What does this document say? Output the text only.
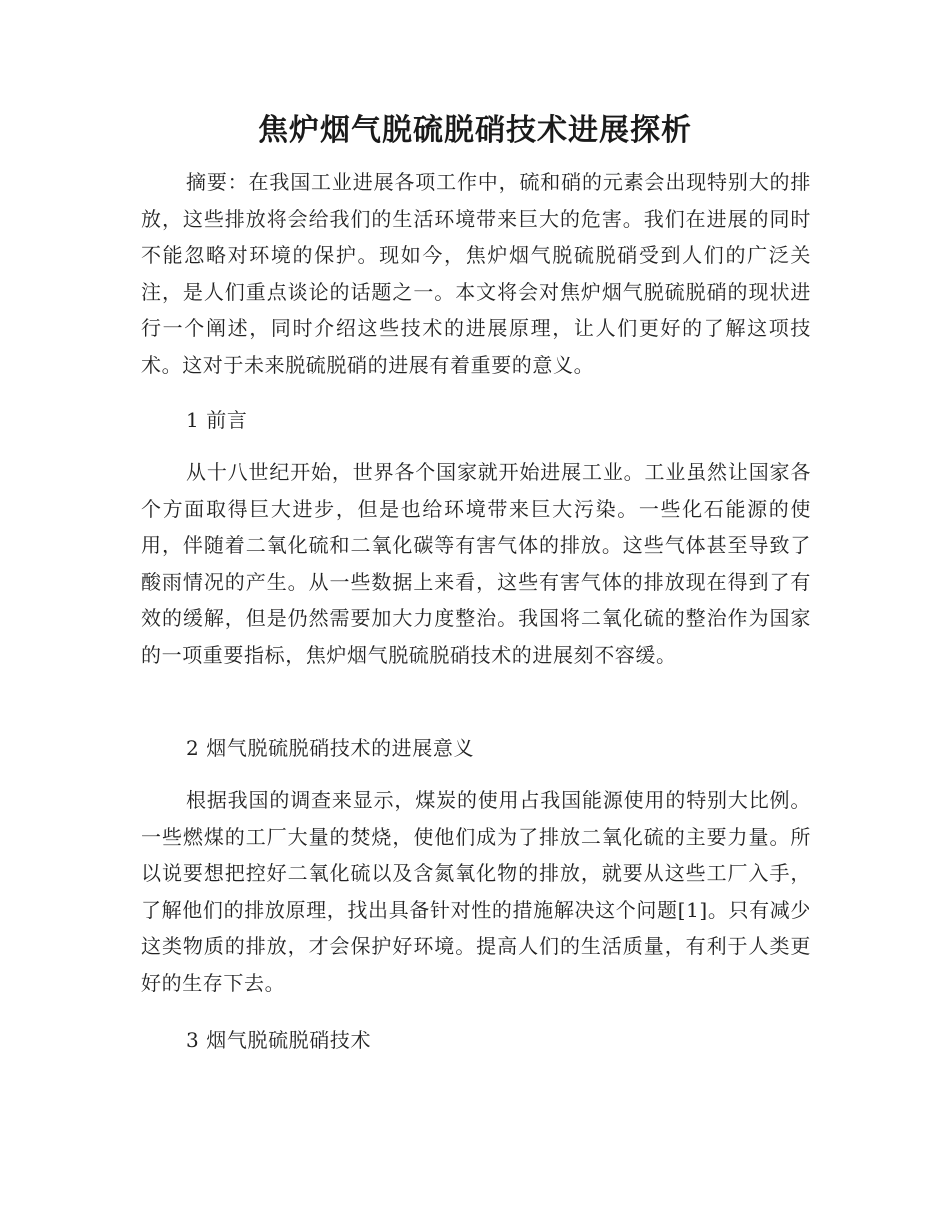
焦炉烟气脱硫脱硝技术进展探析

摘要：在我国工业进展各项工作中，硫和硝的元素会出现特别大的排放，这些排放将会给我们的生活环境带来巨大的危害。我们在进展的同时不能忽略对环境的保护。现如今，焦炉烟气脱硫脱硝受到人们的广泛关注，是人们重点谈论的话题之一。本文将会对焦炉烟气脱硫脱硝的现状进行一个阐述，同时介绍这些技术的进展原理，让人们更好的了解这项技术。这对于未来脱硫脱硝的进展有着重要的意义。

1 前言

从十八世纪开始，世界各个国家就开始进展工业。工业虽然让国家各个方面取得巨大进步，但是也给环境带来巨大污染。一些化石能源的使用，伴随着二氧化硫和二氧化碳等有害气体的排放。这些气体甚至导致了酸雨情况的产生。从一些数据上来看，这些有害气体的排放现在得到了有效的缓解，但是仍然需要加大力度整治。我国将二氧化硫的整治作为国家的一项重要指标，焦炉烟气脱硫脱硝技术的进展刻不容缓。

2 烟气脱硫脱硝技术的进展意义

根据我国的调查来显示，煤炭的使用占我国能源使用的特别大比例。一些燃煤的工厂大量的焚烧，使他们成为了排放二氧化硫的主要力量。所以说要想把控好二氧化硫以及含氮氧化物的排放，就要从这些工厂入手，了解他们的排放原理，找出具备针对性的措施解决这个问题[1]。只有减少这类物质的排放，才会保护好环境。提高人们的生活质量，有利于人类更好的生存下去。

3 烟气脱硫脱硝技术
